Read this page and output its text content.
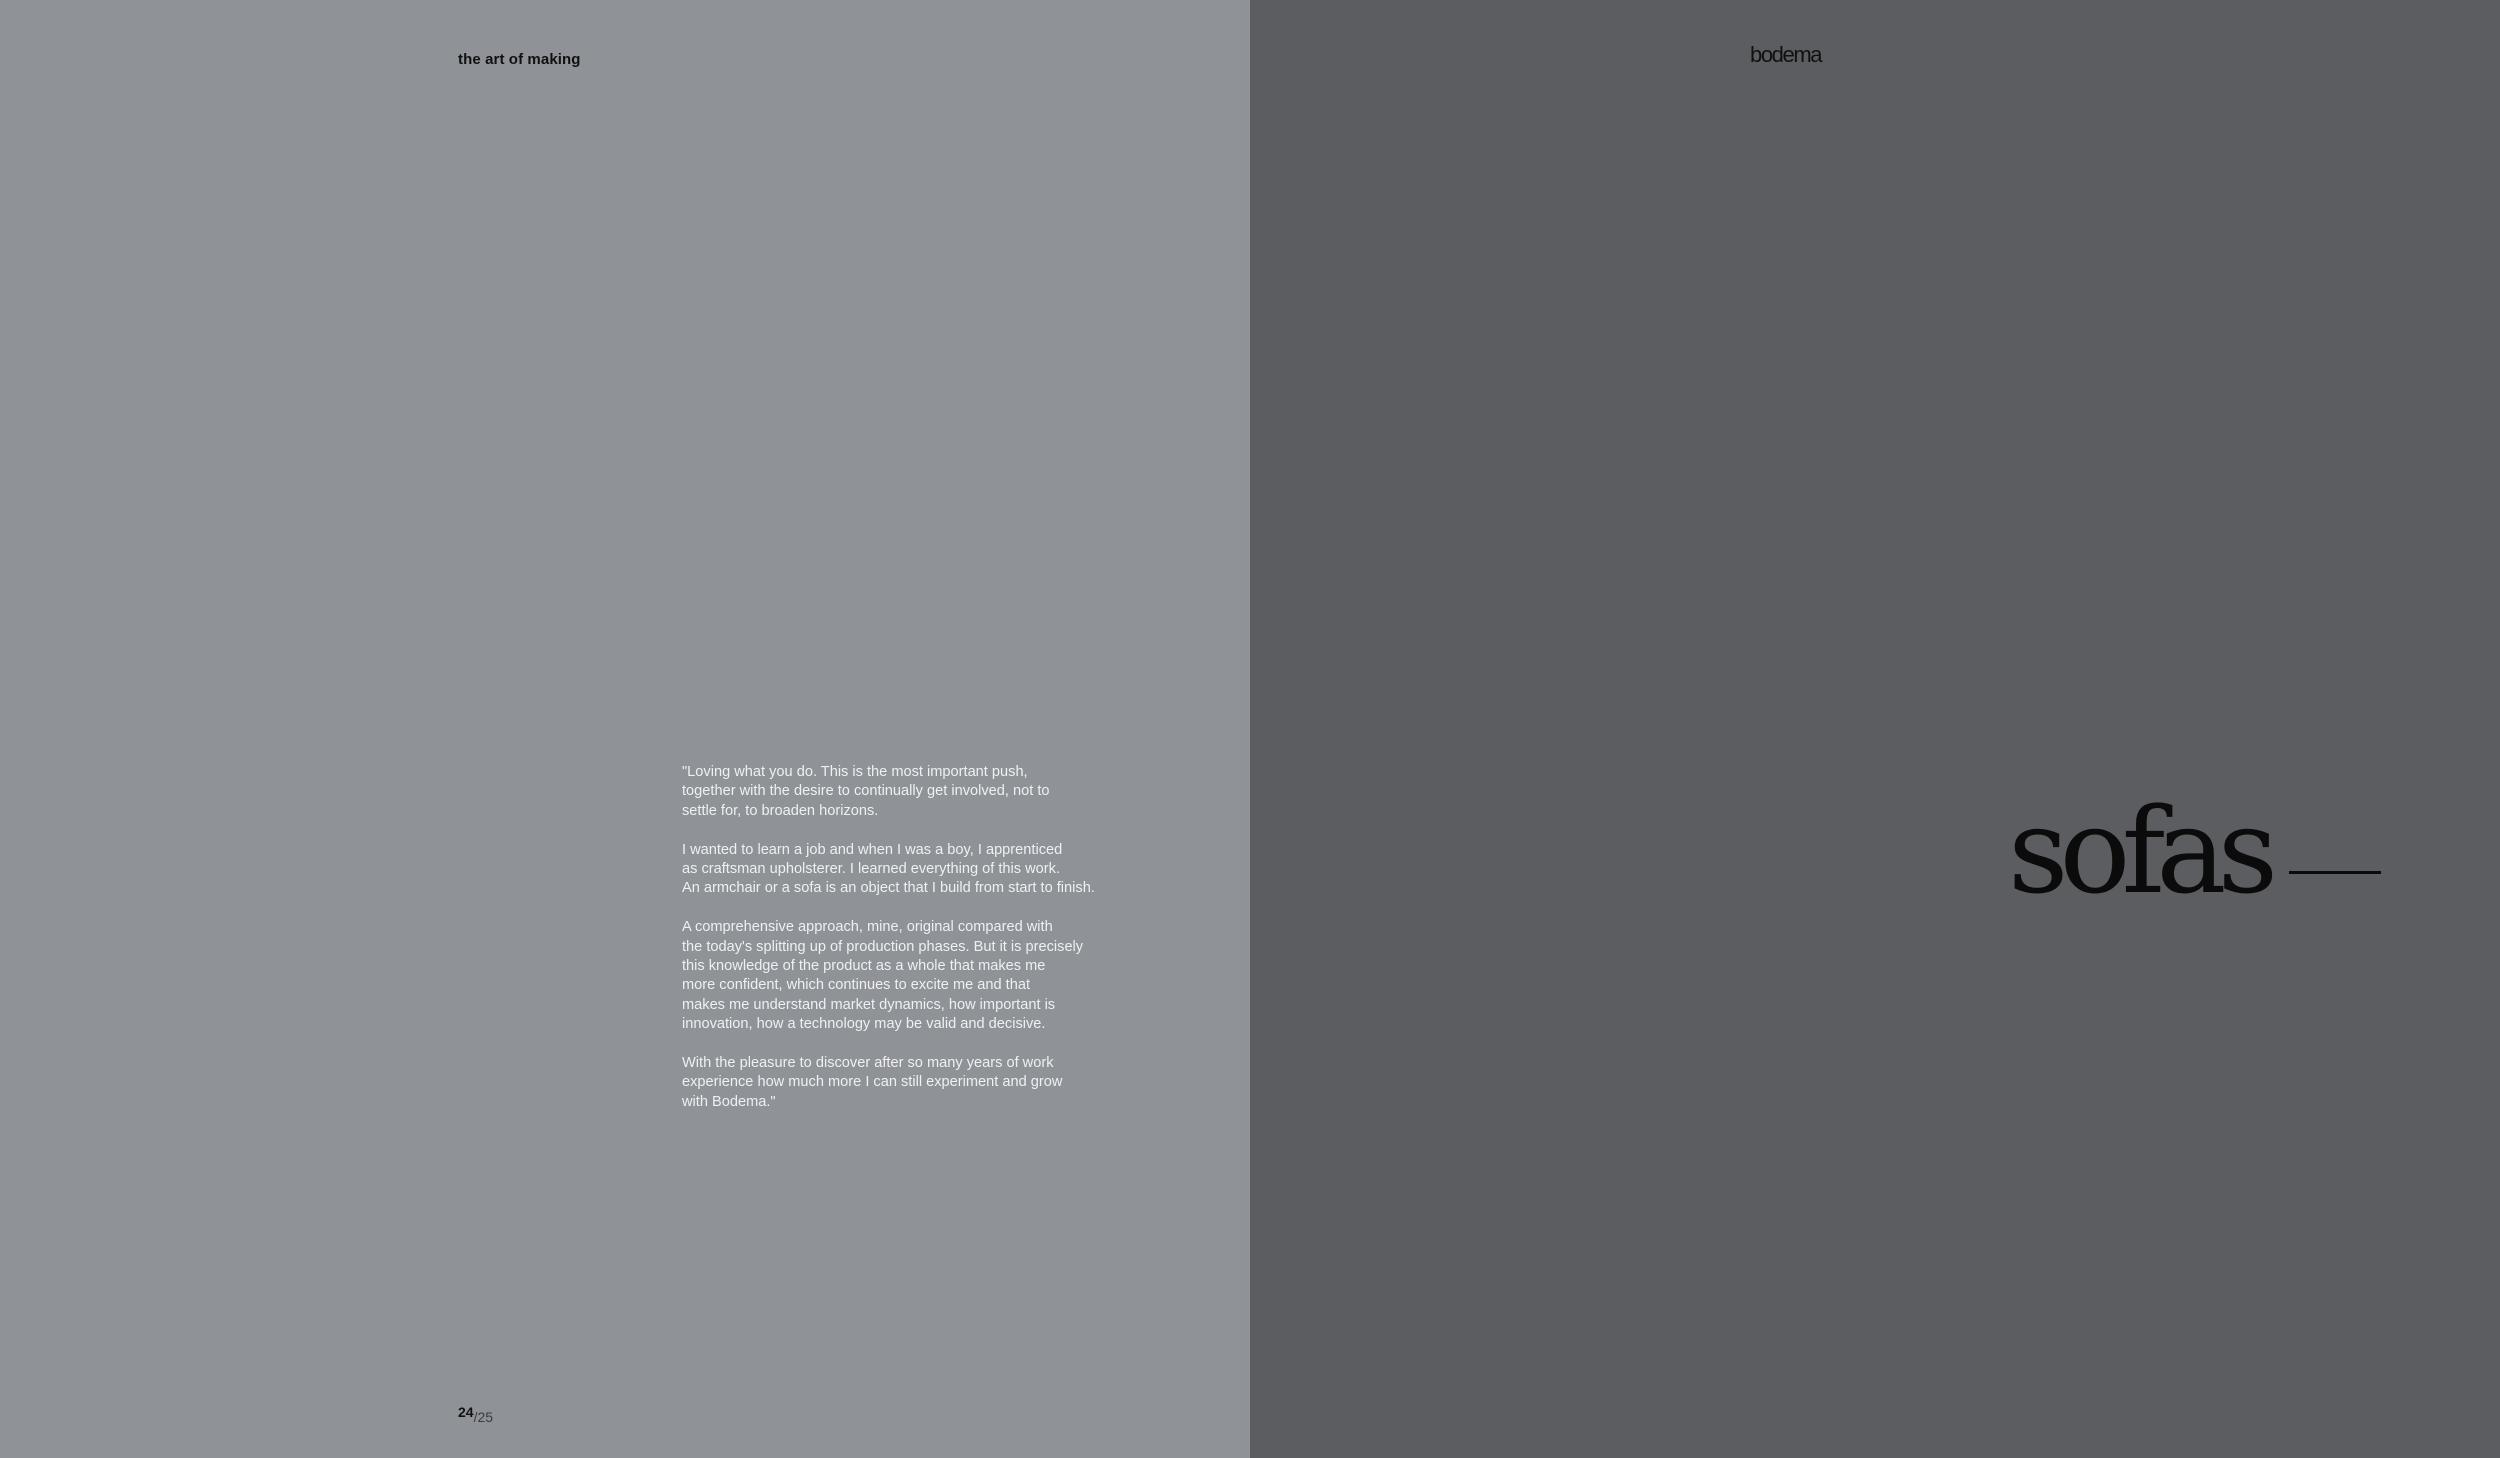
the art of making

"Loving what you do. This is the most important push,
together with the desire to continually get involved, not to
settle for, to broaden horizons.

I wanted to learn a job and when I was a boy, I apprenticed
as craftsman upholsterer. I learned everything of this work.
An armchair or a sofa is an object that I build from start to finish.

A comprehensive approach, mine, original compared with
the today's splitting up of production phases. But it is precisely
this knowledge of the product as a whole that makes me
more confident, which continues to excite me and that
makes me understand market dynamics, how important is
innovation, how a technology may be valid and decisive.

With the pleasure to discover after so many years of work
experience how much more I can still experiment and grow
with Bodema."

24/25
bodema
sofas
